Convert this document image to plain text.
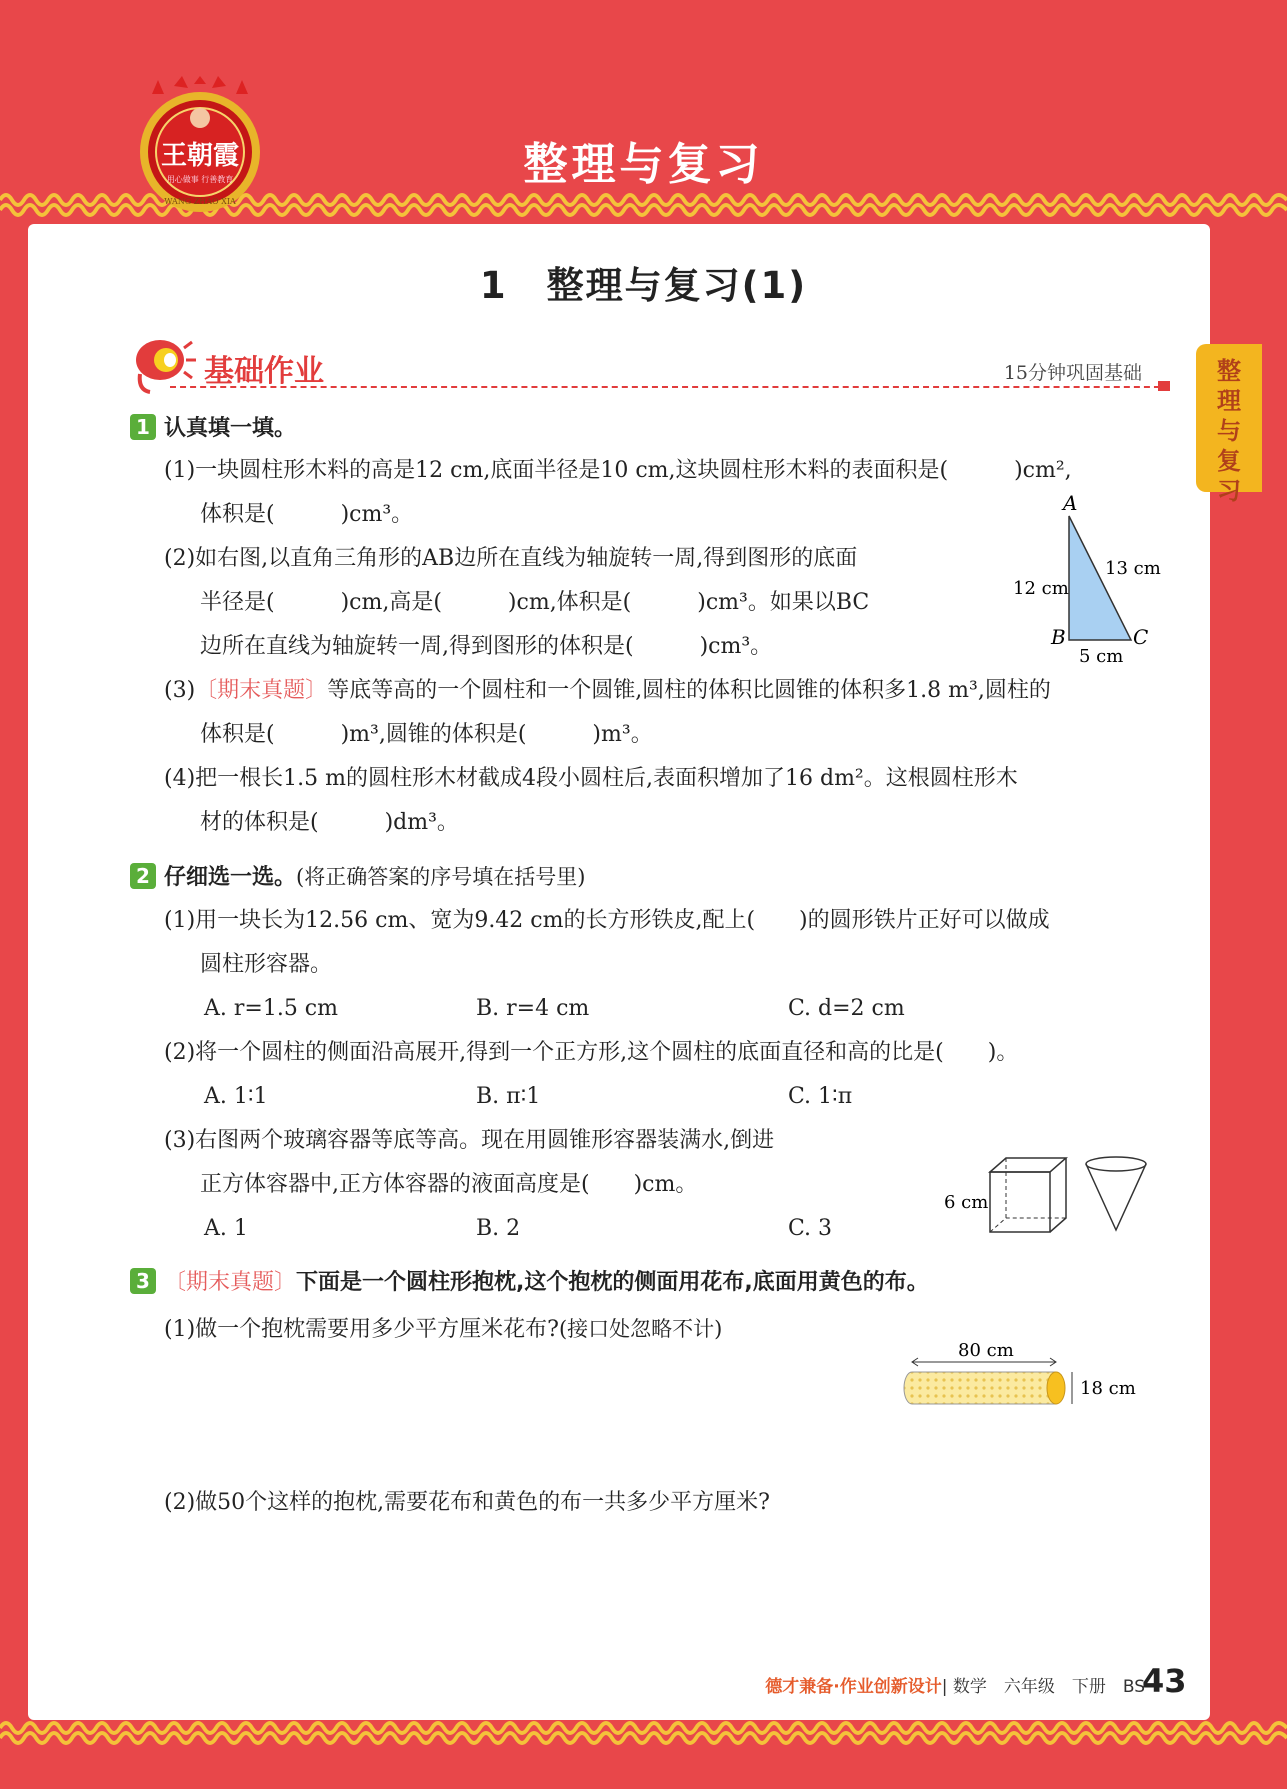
王朝霞
用心做事 行善教育
WANG ZHAO XIA
整理与复习
整
理
与
复
习
1　整理与复习(1)
基础作业	15分钟巩固基础
1 认真填一填。
(1)一块圆柱形木料的高是12 cm,底面半径是10 cm,这块圆柱形木料的表面积是(　　　)cm²,
体积是(　　　)cm³。
(2)如右图,以直角三角形的AB边所在直线为轴旋转一周,得到图形的底面
半径是(　　　)cm,高是(　　　)cm,体积是(　　　)cm³。如果以BC
边所在直线为轴旋转一周,得到图形的体积是(　　　)cm³。
(3)〔期末真题〕等底等高的一个圆柱和一个圆锥,圆柱的体积比圆锥的体积多1.8 m³,圆柱的
体积是(　　　)m³,圆锥的体积是(　　　)m³。
(4)把一根长1.5 m的圆柱形木材截成4段小圆柱后,表面积增加了16 dm²。这根圆柱形木
材的体积是(　　　)dm³。
A
B	C
12 cm
13 cm
5 cm
2 仔细选一选。(将正确答案的序号填在括号里)
(1)用一块长为12.56 cm、宽为9.42 cm的长方形铁皮,配上(　　)的圆形铁片正好可以做成
圆柱形容器。
A. r=1.5 cm	B. r=4 cm	C. d=2 cm
(2)将一个圆柱的侧面沿高展开,得到一个正方形,这个圆柱的底面直径和高的比是(　　)。
A. 1∶1	B. π∶1	C. 1∶π
(3)右图两个玻璃容器等底等高。现在用圆锥形容器装满水,倒进
正方体容器中,正方体容器的液面高度是(　　)cm。
A. 1	B. 2	C. 3
6 cm
3 〔期末真题〕下面是一个圆柱形抱枕,这个抱枕的侧面用花布,底面用黄色的布。
(1)做一个抱枕需要用多少平方厘米花布?(接口处忽略不计)
(2)做50个这样的抱枕,需要花布和黄色的布一共多少平方厘米?
80 cm
18 cm
德才兼备·作业创新设计| 数学　六年级　下册　BS
43
